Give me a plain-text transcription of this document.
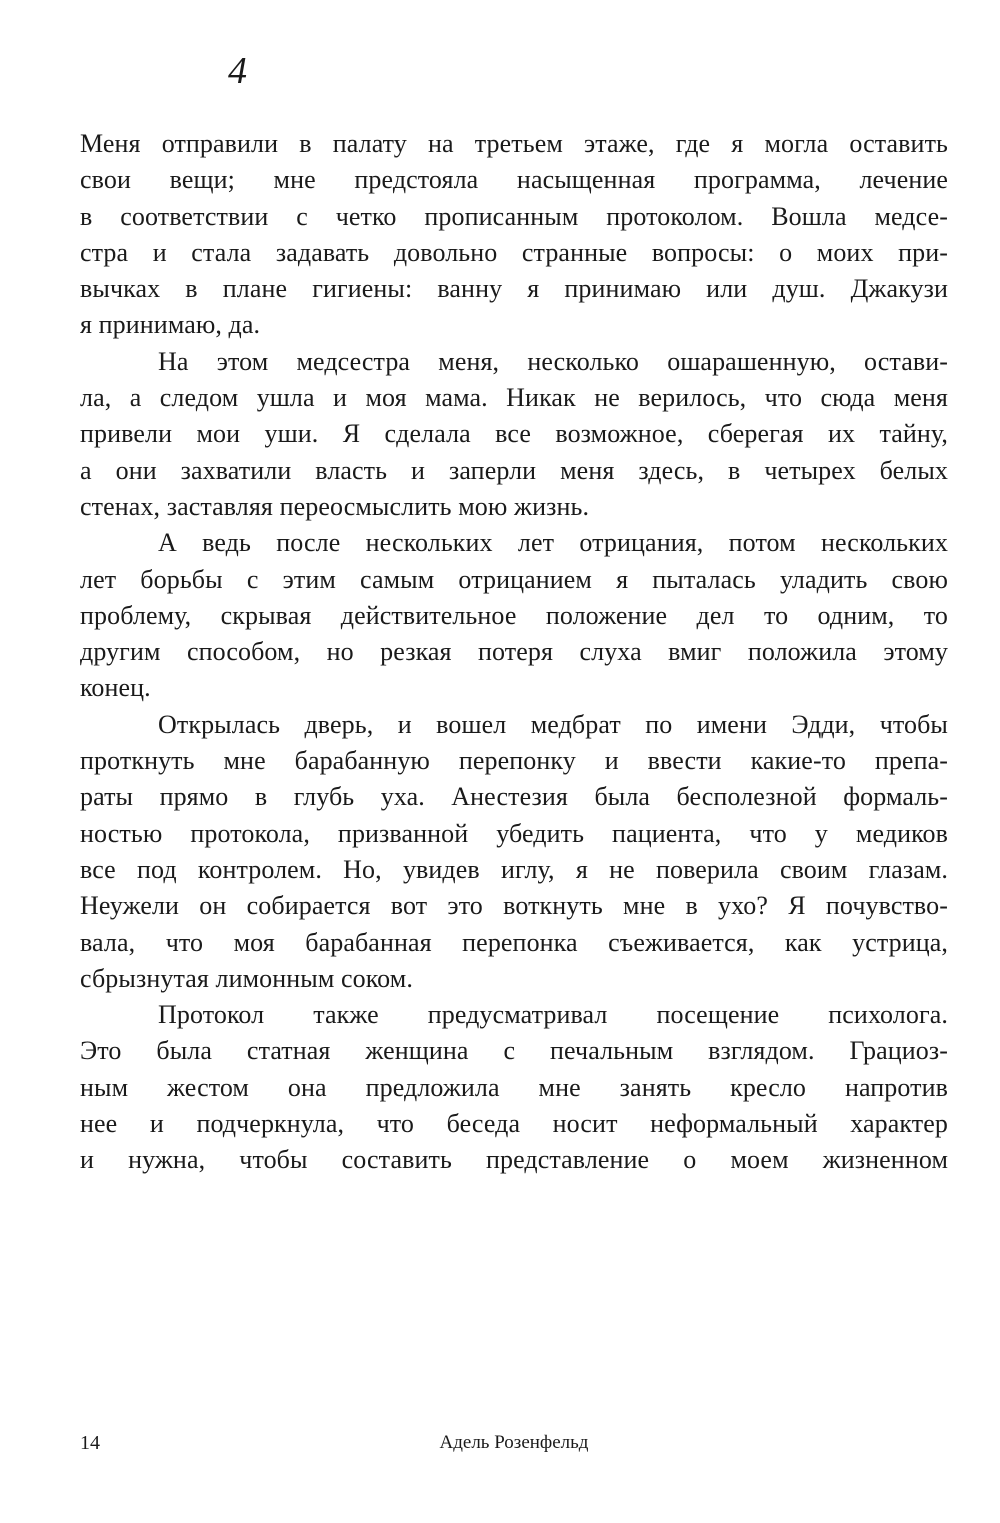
4
Меня отправили в палату на третьем этаже, где я могла оставить
свои вещи; мне предстояла насыщенная программа, лечение
в соответствии с четко прописанным протоколом. Вошла медсе-
стра и стала задавать довольно странные вопросы: о моих при-
вычках в плане гигиены: ванну я принимаю или душ. Джакузи
я принимаю, да.
На этом медсестра меня, несколько ошарашенную, остави-
ла, а следом ушла и моя мама. Никак не верилось, что сюда меня
привели мои уши. Я сделала все возможное, сберегая их тайну,
а они захватили власть и заперли меня здесь, в четырех белых
стенах, заставляя переосмыслить мою жизнь.
А ведь после нескольких лет отрицания, потом нескольких
лет борьбы с этим самым отрицанием я пыталась уладить свою
проблему, скрывая действительное положение дел то одним, то
другим способом, но резкая потеря слуха вмиг положила этому
конец.
Открылась дверь, и вошел медбрат по имени Эдди, чтобы
проткнуть мне барабанную перепонку и ввести какие-то препа-
раты прямо в глубь уха. Анестезия была бесполезной формаль-
ностью протокола, призванной убедить пациента, что у медиков
все под контролем. Но, увидев иглу, я не поверила своим глазам.
Неужели он собирается вот это воткнуть мне в ухо? Я почувство-
вала, что моя барабанная перепонка съеживается, как устрица,
сбрызнутая лимонным соком.
Протокол также предусматривал посещение психолога.
Это была статная женщина с печальным взглядом. Грациоз-
ным жестом она предложила мне занять кресло напротив
нее и подчеркнула, что беседа носит неформальный характер
и нужна, чтобы составить представление о моем жизненном
14	Адель Розенфельд
